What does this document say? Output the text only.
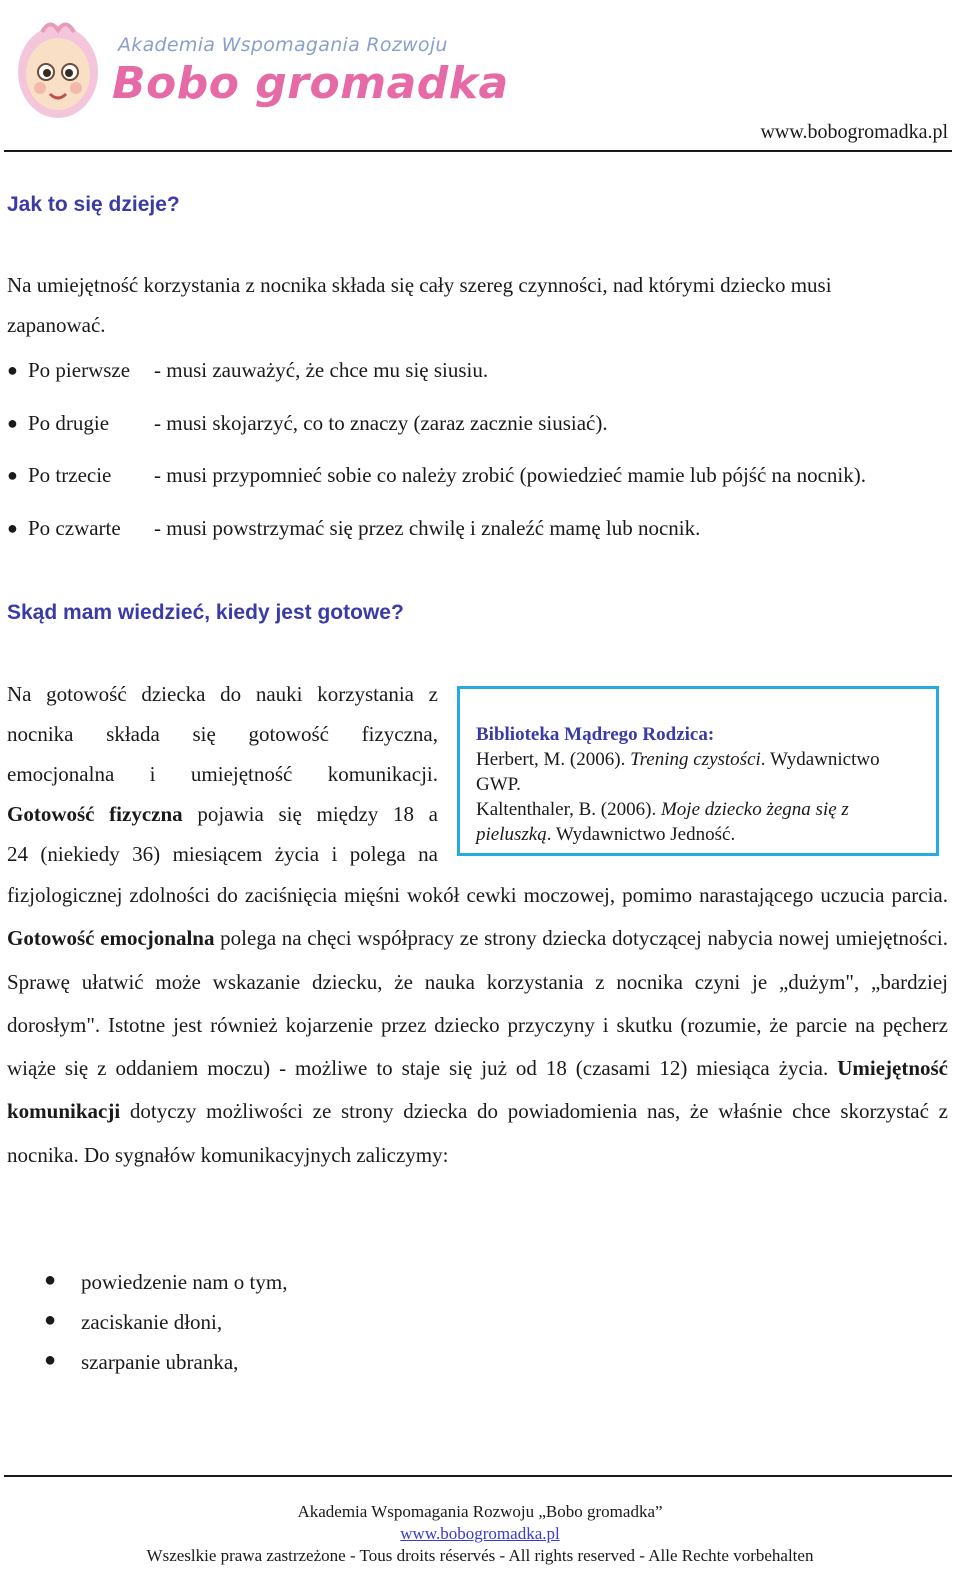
Akademia Wspomagania Rozwoju
Bobo gromadka
www.bobogromadka.pl
Jak to się dzieje?
Na umiejętność korzystania z nocnika składa się cały szereg czynności, nad którymi dziecko musi
zapanować.
● Po pierwsze - musi zauważyć, że chce mu się siusiu.
● Po drugie - musi skojarzyć, co to znaczy (zaraz zacznie siusiać).
● Po trzecie - musi przypomnieć sobie co należy zrobić (powiedzieć mamie lub pójść na nocnik).
● Po czwarte - musi powstrzymać się przez chwilę i znaleźć mamę lub nocnik.
Skąd mam wiedzieć, kiedy jest gotowe?
Na gotowość dziecka do nauki korzystania z
nocnika składa się gotowość fizyczna,
emocjonalna i umiejętność komunikacji.
Gotowość fizyczna pojawia się między 18 a
24 (niekiedy 36) miesiącem życia i polega na
Biblioteka Mądrego Rodzica:
Herbert, M. (2006). Trening czystości. Wydawnictwo
GWP.
Kaltenthaler, B. (2006). Moje dziecko żegna się z
pieluszką. Wydawnictwo Jedność.
fizjologicznej zdolności do zaciśnięcia mięśni wokół cewki moczowej, pomimo narastającego uczucia parcia. Gotowość emocjonalna polega na chęci współpracy ze strony dziecka dotyczącej nabycia nowej umiejętności. Sprawę ułatwić może wskazanie dziecku, że nauka korzystania z nocnika czyni je „dużym", „bardziej dorosłym". Istotne jest również kojarzenie przez dziecko przyczyny i skutku (rozumie, że parcie na pęcherz wiąże się z oddaniem moczu) - możliwe to staje się już od 18 (czasami 12) miesiąca życia. Umiejętność komunikacji dotyczy możliwości ze strony dziecka do powiadomienia nas, że właśnie chce skorzystać z nocnika. Do sygnałów komunikacyjnych zaliczymy:
● powiedzenie nam o tym,
● zaciskanie dłoni,
● szarpanie ubranka,
Akademia Wspomagania Rozwoju „Bobo gromadka”
www.bobogromadka.pl
Wszeslkie prawa zastrzeżone - Tous droits réservés - All rights reserved - Alle Rechte vorbehalten
